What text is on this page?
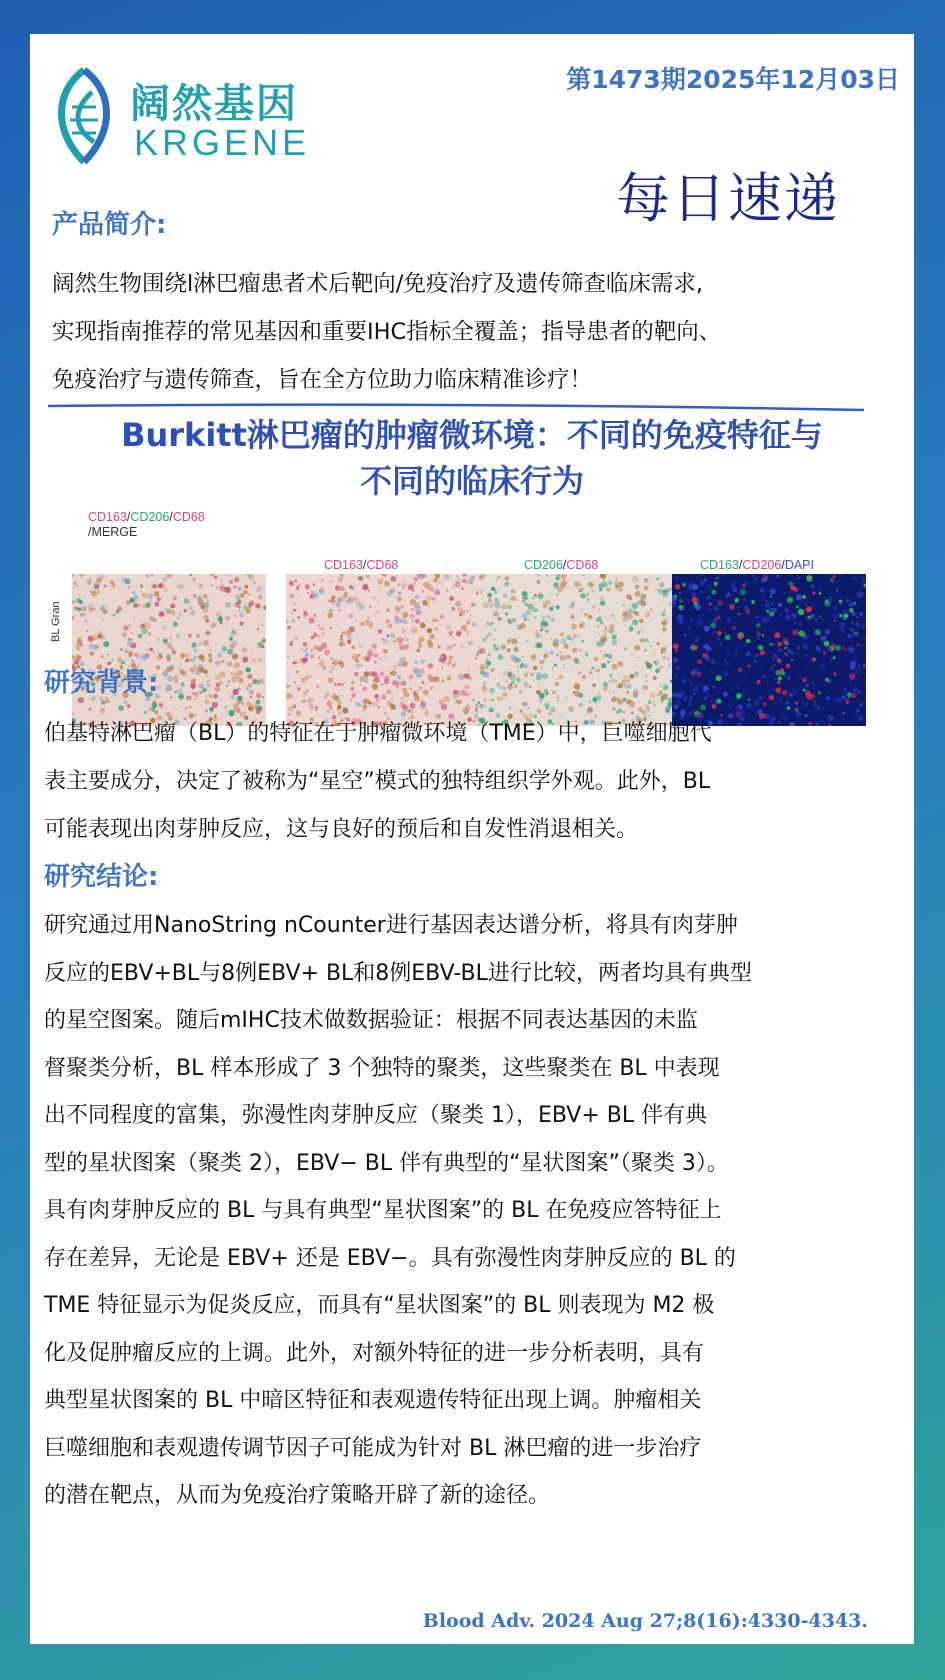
阔然基因
KRGENE
第1473期2025年12月03日
每日速递
产品简介:

阔然生物围绕l淋巴瘤患者术后靶向/免疫治疗及遗传筛查临床需求,

实现指南推荐的常见基因和重要IHC指标全覆盖；指导患者的靶向、

免疫治疗与遗传筛查，旨在全方位助力临床精准诊疗！

Burkitt淋巴瘤的肿瘤微环境：不同的免疫特征与

不同的临床行为

BL Gran
CD163/CD206/CD68
/MERGE
CD163/CD68	CD206/CD68	CD163/CD206/DAPI
研究背景:

伯基特淋巴瘤（BL）的特征在于肿瘤微环境（TME）中，巨噬细胞代

表主要成分，决定了被称为“星空”模式的独特组织学外观。此外，BL

可能表现出肉芽肿反应，这与良好的预后和自发性消退相关。

研究结论:

研究通过用NanoString nCounter进行基因表达谱分析，将具有肉芽肿

反应的EBV+BL与8例EBV+ BL和8例EBV-BL进行比较，两者均具有典型

的星空图案。随后mIHC技术做数据验证：根据不同表达基因的未监

督聚类分析，BL 样本形成了 3 个独特的聚类，这些聚类在 BL 中表现

出不同程度的富集，弥漫性肉芽肿反应（聚类 1），EBV+ BL 伴有典

型的星状图案（聚类 2），EBV− BL 伴有典型的“星状图案”（聚类 3）。

具有肉芽肿反应的 BL 与具有典型“星状图案”的 BL 在免疫应答特征上

存在差异，无论是 EBV+ 还是 EBV−。具有弥漫性肉芽肿反应的 BL 的

TME 特征显示为促炎反应，而具有“星状图案”的 BL 则表现为 M2 极

化及促肿瘤反应的上调。此外，对额外特征的进一步分析表明，具有

典型星状图案的 BL 中暗区特征和表观遗传特征出现上调。肿瘤相关

巨噬细胞和表观遗传调节因子可能成为针对 BL 淋巴瘤的进一步治疗

的潜在靶点，从而为免疫治疗策略开辟了新的途径。

Blood Adv. 2024 Aug 27;8(16):4330-4343.
